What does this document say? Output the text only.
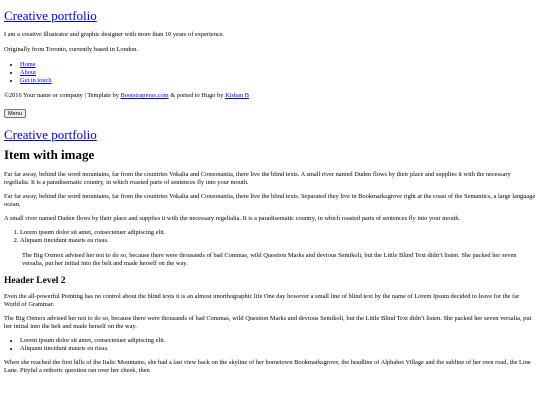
Creative portfolio

I am a creative illustrator and graphic designer with more than 10 years of experience.

Originally from Toronto, currently based in London.

• Home
• About
• Get in touch
©2016 Your name or company | Template by Bootstrapious.com & ported to Hugo by Kishan B
Menu
Creative portfolio
Item with image

Far far away, behind the word mountains, far from the countries Vokalia and Consonantia, there live the blind texts. A small river named Duden flows by their place and supplies it with the necessary regelialia. It is a paradisematic country, in which roasted parts of sentences fly into your mouth.

Far far away, behind the word mountains, far from the countries Vokalia and Consonantia, there live the blind texts. Separated they live in Bookmarksgrove right at the coast of the Semantics, a large language ocean.

A small river named Duden flows by their place and supplies it with the necessary regelialia. It is a paradisematic country, in which roasted parts of sentences fly into your mouth.

1. Lorem ipsum dolor sit amet, consectetuer adipiscing elit.
2. Aliquam tincidunt mauris eu risus.
The Big Oxmox advised her not to do so, because there were thousands of bad Commas, wild Question Marks and devious Semikoli, but the Little Blind Text didn’t listen. She packed her seven versalia, put her initial into the belt and made herself on the way.
Header Level 2

Even the all-powerful Pointing has no control about the blind texts it is an almost unorthographic life One day however a small line of blind text by the name of Lorem Ipsum decided to leave for the far World of Grammar.

The Big Oxmox advised her not to do so, because there were thousands of bad Commas, wild Question Marks and devious Semikoli, but the Little Blind Text didn’t listen. She packed her seven versalia, put her initial into the belt and made herself on the way.

• Lorem ipsum dolor sit amet, consectetuer adipiscing elit.
• Aliquam tincidunt mauris eu risus.

When she reached the first hills of the Italic Mountains, she had a last view back on the skyline of her hometown Bookmarksgrove, the headline of Alphabet Village and the subline of her own road, the Line Lane. Pityful a rethoric question ran over her cheek, then
